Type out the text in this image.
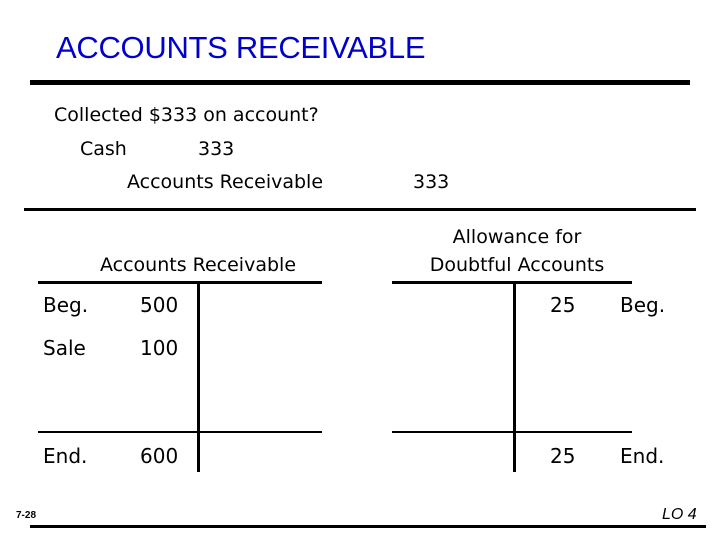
ACCOUNTS RECEIVABLE
Collected $333 on account?
Cash	333
Accounts Receivable	333
Accounts Receivable
Beg.	500
Sale	100
End.	600
Allowance for
Doubtful Accounts
25 Beg.
25 End.
7-28	LO 4
